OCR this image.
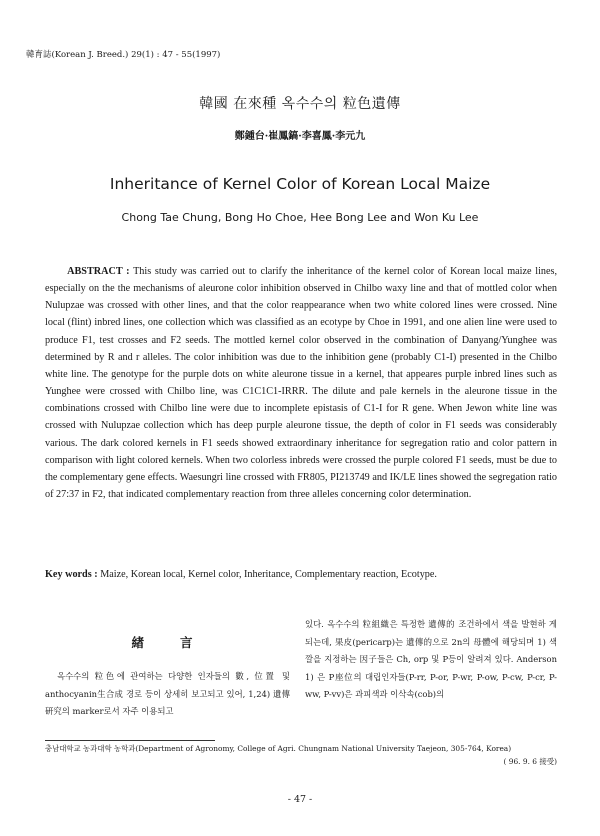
韓育誌(Korean J. Breed.) 29(1) : 47 - 55(1997)
韓國 在來種 옥수수의 粒色遺傳
鄭鍾台·崔鳳鎬·李喜鳳·李元九
Inheritance of Kernel Color of Korean Local Maize
Chong Tae Chung, Bong Ho Choe, Hee Bong Lee and Won Ku Lee
ABSTRACT : This study was carried out to clarify the inheritance of the kernel color of Korean local maize lines, especially on the the mechanisms of aleurone color inhibition observed in Chilbo waxy line and that of mottled color when Nulupzae was crossed with other lines, and that the color reappearance when two white colored lines were crossed. Nine local (flint) inbred lines, one collection which was classified as an ecotype by Choe in 1991, and one alien line were used to produce F1, test crosses and F2 seeds. The mottled kernel color observed in the combination of Danyang/Yunghee was determined by R and r alleles. The color inhibition was due to the inhibition gene (probably C1-I) presented in the Chilbo white line. The genotype for the purple dots on white aleurone tissue in a kernel, that appeares purple inbred lines such as Yunghee were crossed with Chilbo line, was C1C1C1-IRRR. The dilute and pale kernels in the aleurone tissue in the combinations crossed with Chilbo line were due to incomplete epistasis of C1-I for R gene. When Jewon white line was crossed with Nulupzae collection which has deep purple aleurone tissue, the depth of color in F1 seeds was considerably various. The dark colored kernels in F1 seeds showed extraordinary inheritance for segregation ratio and color pattern in comparison with light colored kernels. When two colorless inbreds were crossed the purple colored F1 seeds, must be due to the complementary gene effects. Waesungri line crossed with FR805, PI213749 and IK/LE lines showed the segregation ratio of 27:37 in F2, that indicated complementary reaction from three alleles concerning color determination.
Key words : Maize, Korean local, Kernel color, Inheritance, Complementary reaction, Ecotype.
緖言

옥수수의 粒色에 관여하는 다양한 인자들의 數, 位置 및 anthocyanin生合成 경로 등이 상세히 보고되고 있어, 1,24) 遺傳 硏究의 marker로서 자주 이용되고

있다. 옥수수의 粒組織은 특정한 遺傳的 조건하에서 색을 발현하 게 되는데, 果皮(pericarp)는 遺傳的으로 2n의 母體에 해당되며 1) 색깔을 지정하는 因子들은 Ch, orp 및 P등이 알려져 있다. Anderson 1) 은 P座位의 대립인자들(P-rr, P-or, P-wr, P-ow, P-cw, P-cr, P-ww, P-vv)은 과피색과 이삭속(cob)의

충남대학교 농과대학 농학과(Department of Agronomy, College of Agri. Chungnam National University Taejeon, 305-764, Korea)
( 96. 9. 6 接受)
- 47 -
